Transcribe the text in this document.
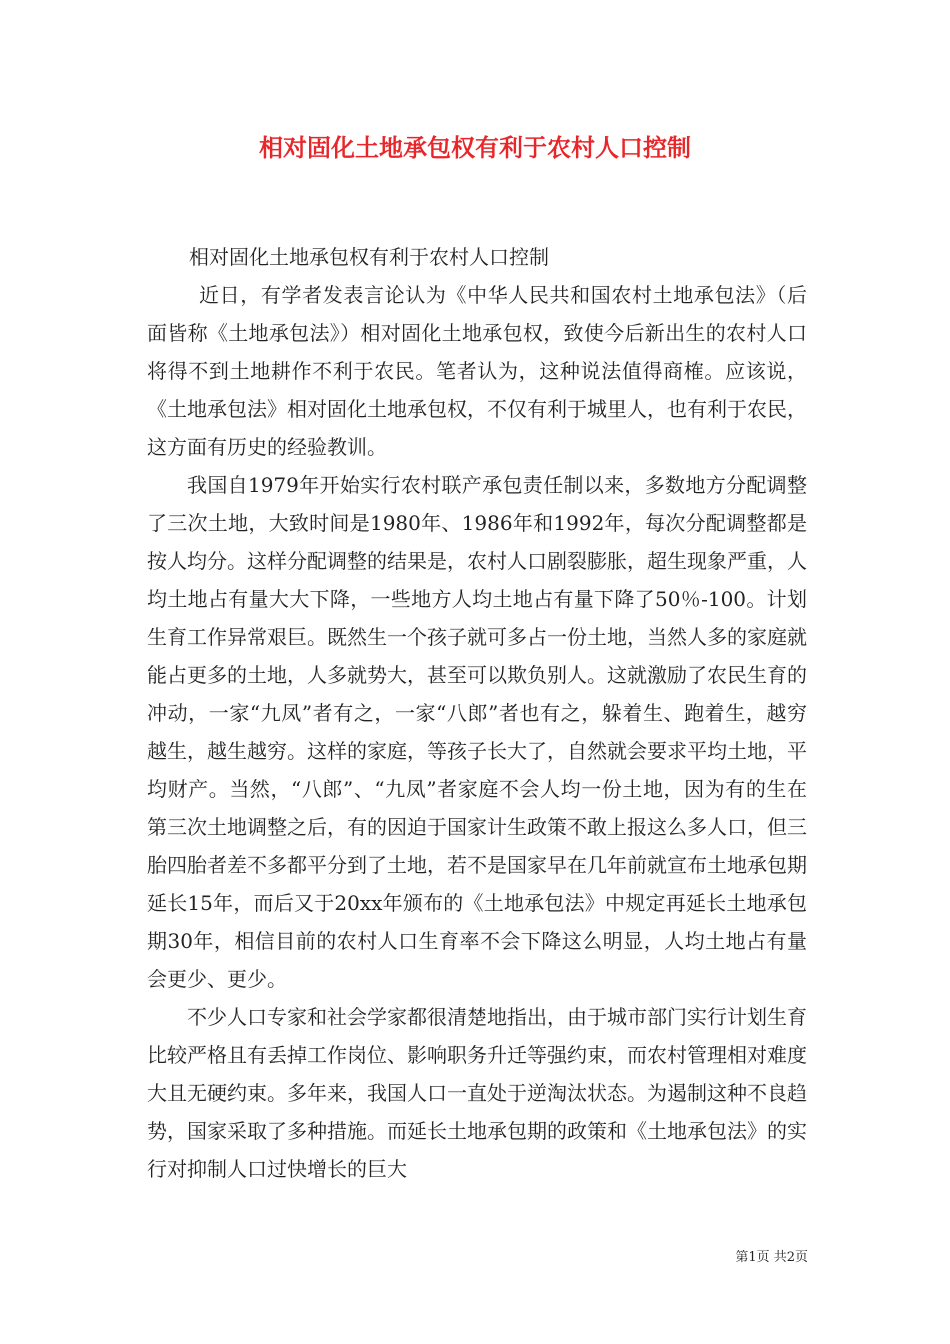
相对固化土地承包权有利于农村人口控制

相对固化土地承包权有利于农村人口控制

近日，有学者发表言论认为《中华人民共和国农村土地承包法》（后面皆称《土地承包法》）相对固化土地承包权，致使今后新出生的农村人口将得不到土地耕作不利于农民。笔者认为，这种说法值得商榷。应该说，《土地承包法》相对固化土地承包权，不仅有利于城里人，也有利于农民，这方面有历史的经验教训。

我国自1979年开始实行农村联产承包责任制以来，多数地方分配调整了三次土地，大致时间是1980年、1986年和1992年，每次分配调整都是按人均分。这样分配调整的结果是，农村人口剧裂膨胀，超生现象严重，人均土地占有量大大下降，一些地方人均土地占有量下降了50％-100。计划生育工作异常艰巨。既然生一个孩子就可多占一份土地，当然人多的家庭就能占更多的土地，人多就势大，甚至可以欺负别人。这就激励了农民生育的冲动，一家“九凤”者有之，一家“八郎”者也有之，躲着生、跑着生，越穷越生，越生越穷。这样的家庭，等孩子长大了，自然就会要求平均土地，平均财产。当然，“八郎”、“九凤”者家庭不会人均一份土地，因为有的生在第三次土地调整之后，有的因迫于国家计生政策不敢上报这么多人口，但三胎四胎者差不多都平分到了土地，若不是国家早在几年前就宣布土地承包期延长15年，而后又于20xx年颁布的《土地承包法》中规定再延长土地承包期30年，相信目前的农村人口生育率不会下降这么明显，人均土地占有量会更少、更少。

不少人口专家和社会学家都很清楚地指出，由于城市部门实行计划生育比较严格且有丢掉工作岗位、影响职务升迁等强约束，而农村管理相对难度大且无硬约束。多年来，我国人口一直处于逆淘汰状态。为遏制这种不良趋势，国家采取了多种措施。而延长土地承包期的政策和《土地承包法》的实行对抑制人口过快增长的巨大

第1页 共2页
